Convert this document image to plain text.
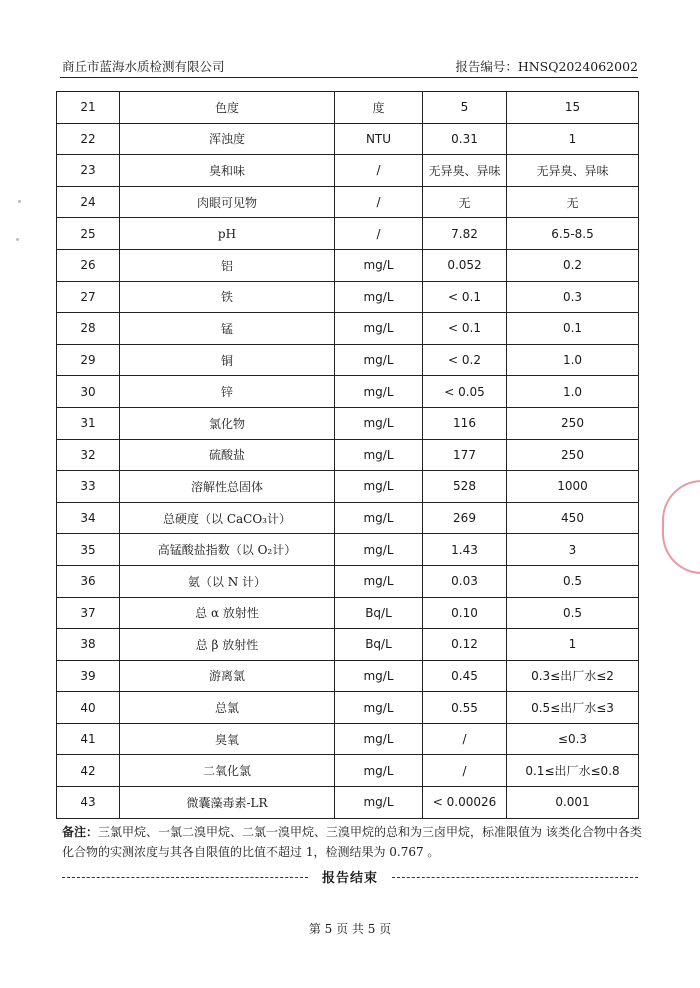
商丘市蓝海水质检测有限公司	报告编号：HNSQ2024062002
21	色度	度	5	15
22	浑浊度	NTU	0.31	1
23	臭和味	/	无异臭、异味	无异臭、异味
24	肉眼可见物	/	无	无
25	pH	/	7.82	6.5-8.5
26	铝	mg/L	0.052	0.2
27	铁	mg/L	< 0.1	0.3
28	锰	mg/L	< 0.1	0.1
29	铜	mg/L	< 0.2	1.0
30	锌	mg/L	< 0.05	1.0
31	氯化物	mg/L	116	250
32	硫酸盐	mg/L	177	250
33	溶解性总固体	mg/L	528	1000
34	总硬度（以 CaCO₃计）	mg/L	269	450
35	高锰酸盐指数（以 O₂计）	mg/L	1.43	3
36	氨（以 N 计）	mg/L	0.03	0.5
37	总 α 放射性	Bq/L	0.10	0.5
38	总 β 放射性	Bq/L	0.12	1
39	游离氯	mg/L	0.45	0.3≤出厂水≤2
40	总氯	mg/L	0.55	0.5≤出厂水≤3
41	臭氧	mg/L	/	≤0.3
42	二氧化氯	mg/L	/	0.1≤出厂水≤0.8
43	微囊藻毒素-LR	mg/L	< 0.00026	0.001
备注：三氯甲烷、一氯二溴甲烷、二氯一溴甲烷、三溴甲烷的总和为三卤甲烷，标准限值为 该类化合物中各类化合物的实测浓度与其各自限值的比值不超过 1，检测结果为 0.767 。
报告结束
第 5 页 共 5 页
